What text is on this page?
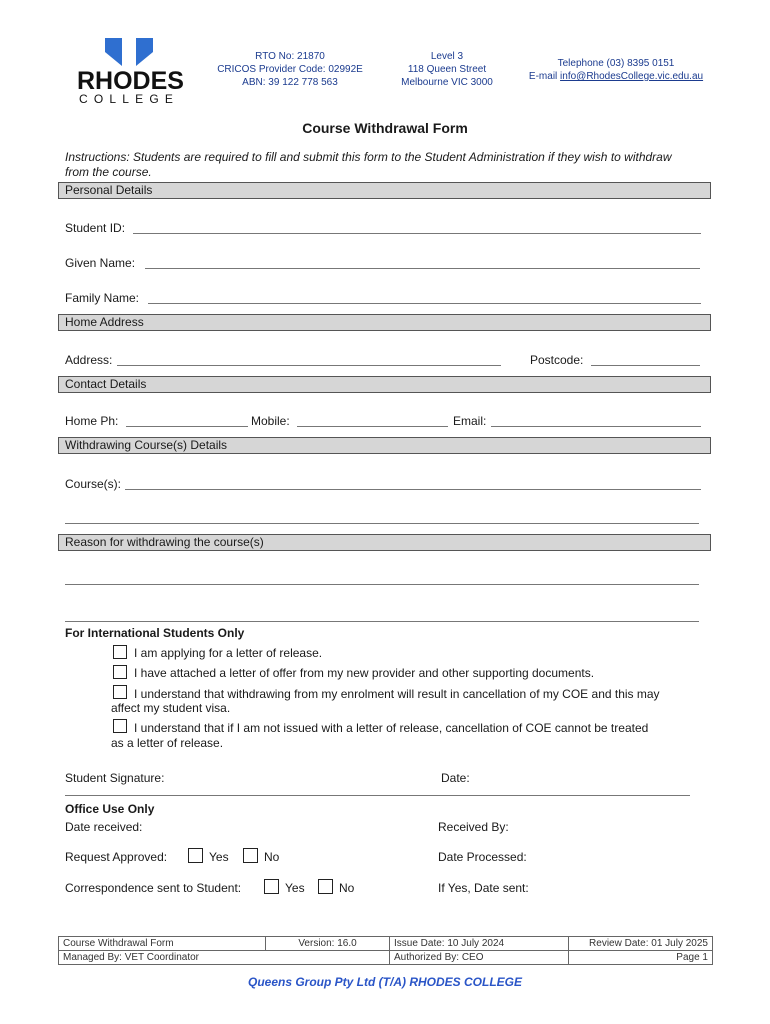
RHODES
COLLEGE
RTO No: 21870
CRICOS Provider Code: 02992E
ABN: 39 122 778 563
Level 3
118 Queen Street
Melbourne VIC 3000
Telephone (03) 8395 0151
E-mail info@RhodesCollege.vic.edu.au
Course Withdrawal Form
Instructions: Students are required to fill and submit this form to the Student Administration if they wish to withdraw from the course.
Personal Details
Student ID:
Given Name:
Family Name:
Home Address
Address:	Postcode:
Contact Details
Home Ph:	Mobile:	Email:
Withdrawing Course(s) Details
Course(s):
Reason for withdrawing the course(s)
For International Students Only
I am applying for a letter of release.
I have attached a letter of offer from my new provider and other supporting documents.
I understand that withdrawing from my enrolment will result in cancellation of my COE and this may
affect my student visa.
I understand that if I am not issued with a letter of release, cancellation of COE cannot be treated
as a letter of release.
Student Signature:	Date:
Office Use Only
Date received:	Received By:
Request Approved:	Yes	No	Date Processed:
Correspondence sent to Student:	Yes	No	If Yes, Date sent:
Course Withdrawal Form	Version: 16.0	Issue Date: 10 July 2024	Review Date: 01 July 2025
Managed By: VET Coordinator		Authorized By: CEO	Page 1
Queens Group Pty Ltd (T/A) RHODES COLLEGE
